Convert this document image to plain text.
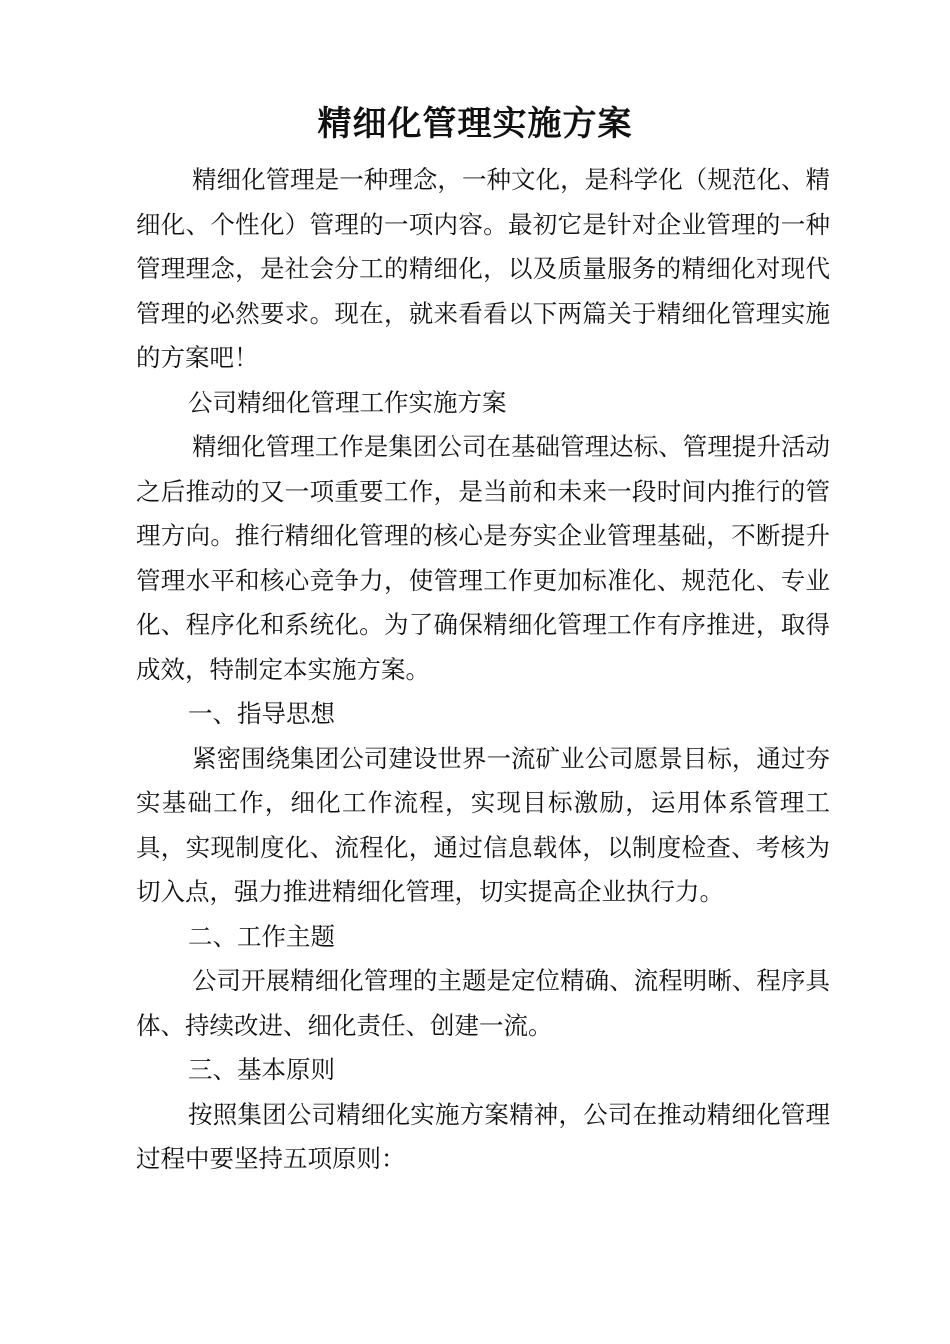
精细化管理实施方案

精细化管理是一种理念，一种文化，是科学化（规范化、精细化、个性化）管理的一项内容。最初它是针对企业管理的一种管理理念，是社会分工的精细化，以及质量服务的精细化对现代管理的必然要求。现在，就来看看以下两篇关于精细化管理实施的方案吧！

公司精细化管理工作实施方案

精细化管理工作是集团公司在基础管理达标、管理提升活动之后推动的又一项重要工作，是当前和未来一段时间内推行的管理方向。推行精细化管理的核心是夯实企业管理基础，不断提升管理水平和核心竞争力，使管理工作更加标准化、规范化、专业化、程序化和系统化。为了确保精细化管理工作有序推进，取得成效，特制定本实施方案。

一、指导思想

紧密围绕集团公司建设世界一流矿业公司愿景目标，通过夯实基础工作，细化工作流程，实现目标激励，运用体系管理工具，实现制度化、流程化，通过信息载体，以制度检查、考核为切入点，强力推进精细化管理，切实提高企业执行力。

二、工作主题

公司开展精细化管理的主题是定位精确、流程明晰、程序具体、持续改进、细化责任、创建一流。

三、基本原则

按照集团公司精细化实施方案精神，公司在推动精细化管理过程中要坚持五项原则：
